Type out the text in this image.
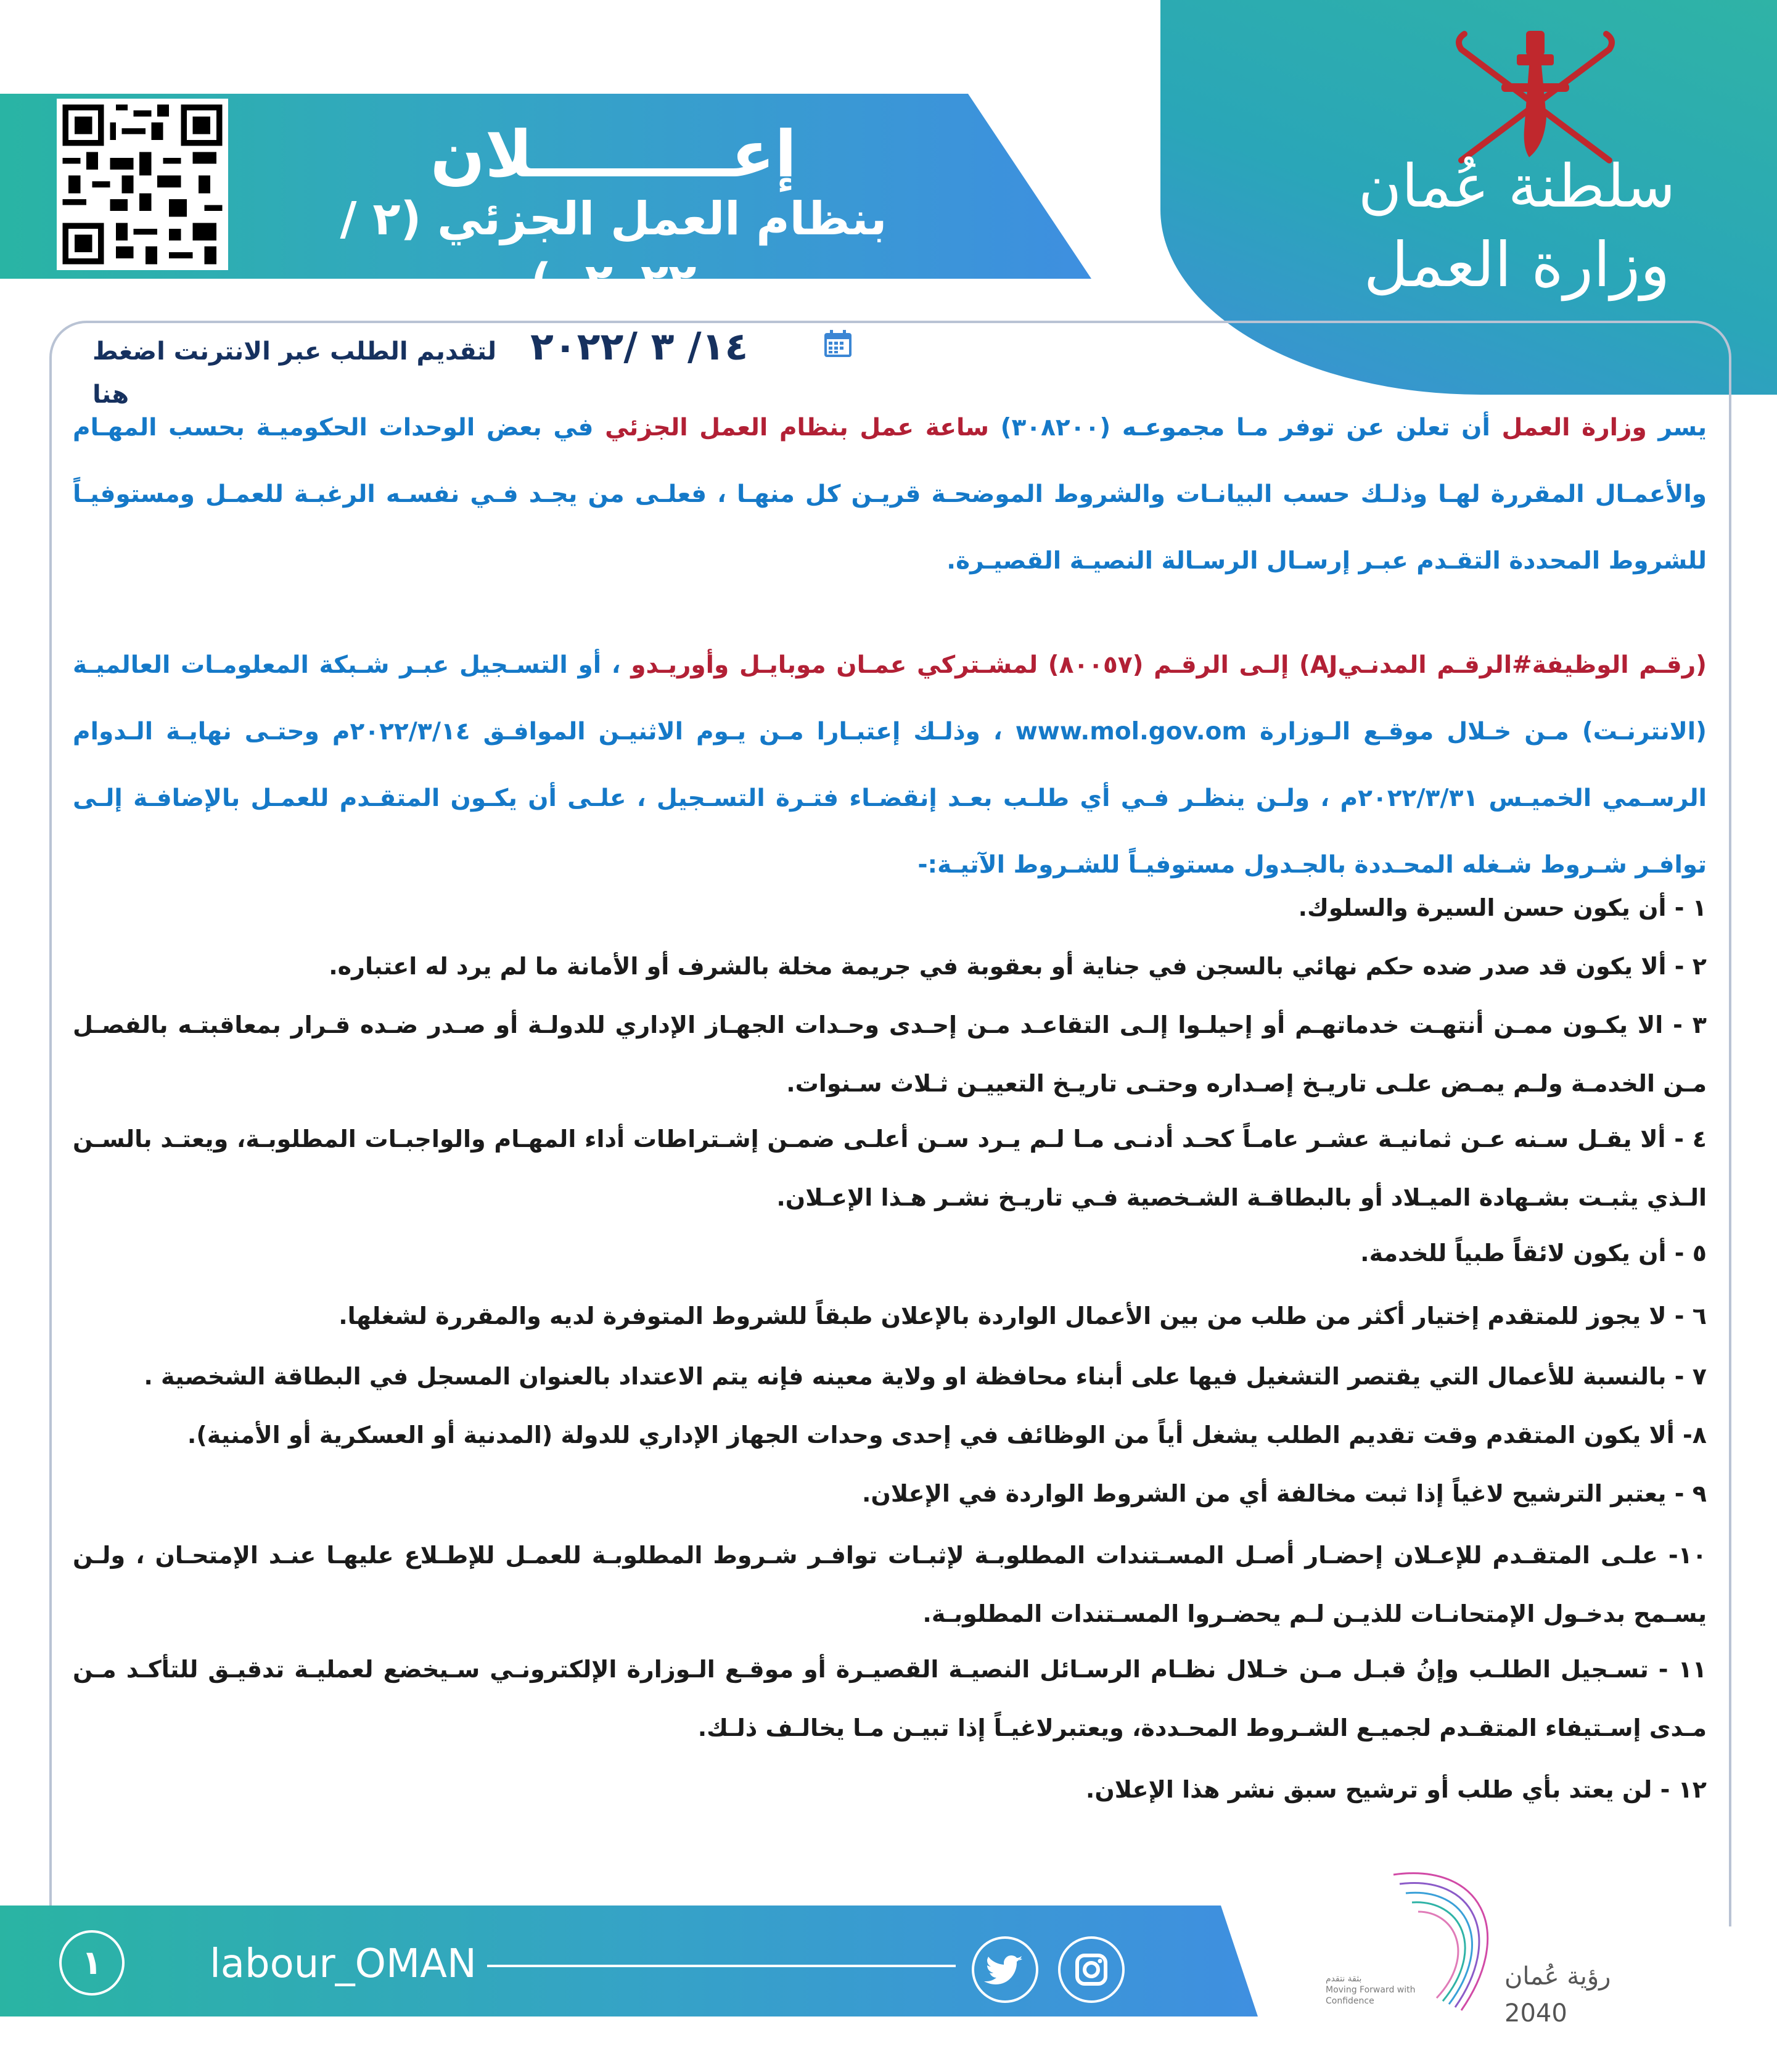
سلطنة عُمان
وزارة العمل
إعـــــــــلان
بنظام العمل الجزئي (٢ / ٢٠٢٢م)
١٤/ ٣ /٢٠٢٢
لتقديم الطلب عبر الانترنت اضغط هنا
يسر وزارة العمل أن تعلن عن توفر مـا مجموعـه (٣٠٨٢٠٠) ساعة عمل بنظام العمل الجزئي في بعض الوحدات الحكوميـة بحسب المهـام والأعمـال المقررة لهـا وذلـك حسب البيانـات والشروط الموضحـة قريـن كل منهـا ، فعلـى من يجـد فـي نفسـه الرغبـة للعمـل ومستوفيـاً للشروط المحددة التقـدم عبـر إرسـال الرسـالة النصيـة القصيـرة.
(رقـم الوظيفة#الرقـم المدنـيAJ) إلـى الرقـم (٨٠٠٥٧) لمشـتركي عمـان موبايـل وأوريـدو ، أو التسـجيل عبـر شـبكة المعلومـات العالميـة (الانترنـت) مـن خـلال موقـع الـوزارة www.mol.gov.om ، وذلـك إعتبـارا مـن يـوم الاثنيـن الموافـق ٢٠٢٢/٣/١٤م وحتـى نهايـة الـدوام الرسـمي الخميـس ٢٠٢٢/٣/٣١م ، ولـن ينظـر فـي أي طلـب بعـد إنقضـاء فتـرة التسـجيل ، علـى أن يكـون المتقـدم للعمـل بالإضافـة إلـى توافـر شـروط شـغله المحـددة بالجـدول مستوفيـاً للشـروط الآتيـة:-
١ - أن يكون حسن السيرة والسلوك.
٢ - ألا يكون قد صدر ضده حكم نهائي بالسجن في جناية أو بعقوبة في جريمة مخلة بالشرف أو الأمانة ما لم يرد له اعتباره.
٣ - الا يكـون ممـن أنتهـت خدماتهـم أو إحيلـوا إلـى التقاعـد مـن إحـدى وحـدات الجهـاز الإداري للدولـة أو صـدر ضـده قـرار بمعاقبتـه بالفصـل مـن الخدمـة ولـم يمـض علـى تاريـخ إصـداره وحتـى تاريـخ التعييـن ثـلاث سـنوات.
٤ - ألا يقـل سـنه عـن ثمانيـة عشـر عامـاً كحـد أدنـى مـا لـم يـرد سـن أعلـى ضمـن إشـتراطات أداء المهـام والواجبـات المطلوبـة، ويعتـد بالسـن الـذي يثبـت بشـهادة الميـلاد أو بالبطاقـة الشـخصية فـي تاريـخ نشـر هـذا الإعـلان.
٥ - أن يكون لائقاً طبياً للخدمة.
٦ - لا يجوز للمتقدم إختيار أكثر من طلب من بين الأعمال الواردة بالإعلان طبقاً للشروط المتوفرة لديه والمقررة لشغلها.
٧ - بالنسبة للأعمال التي يقتصر التشغيل فيها على أبناء محافظة او ولاية معينه فإنه يتم الاعتداد بالعنوان المسجل في البطاقة الشخصية .
٨- ألا يكون المتقدم وقت تقديم الطلب يشغل أياً من الوظائف في إحدى وحدات الجهاز الإداري للدولة (المدنية أو العسكرية أو الأمنية).
٩ - يعتبر الترشيح لاغياً إذا ثبت مخالفة أي من الشروط الواردة في الإعلان.
١٠- علـى المتقـدم للإعـلان إحضـار أصـل المسـتندات المطلوبـة لإثبـات توافـر شـروط المطلوبـة للعمـل للإطـلاع عليهـا عنـد الإمتحـان ، ولـن يسـمح بدخـول الإمتحانـات للذيـن لـم يحضـروا المسـتندات المطلوبـة.
١١ - تسـجيل الطلـب وإنُ قبـل مـن خـلال نظـام الرسـائل النصيـة القصيـرة أو موقـع الـوزارة الإلكترونـي سـيخضع لعمليـة تدقيـق للتأكـد مـن مـدى إسـتيفاء المتقـدم لجميـع الشـروط المحـددة، ويعتبرلاغيـاً إذا تبيـن مـا يخالـف ذلـك.
١٢ - لن يعتد بأي طلب أو ترشيح سبق نشر هذا الإعلان.
١	labour_OMAN	رؤية عُمان 2040
بثقة نتقدم
Moving Forward with Confidence
